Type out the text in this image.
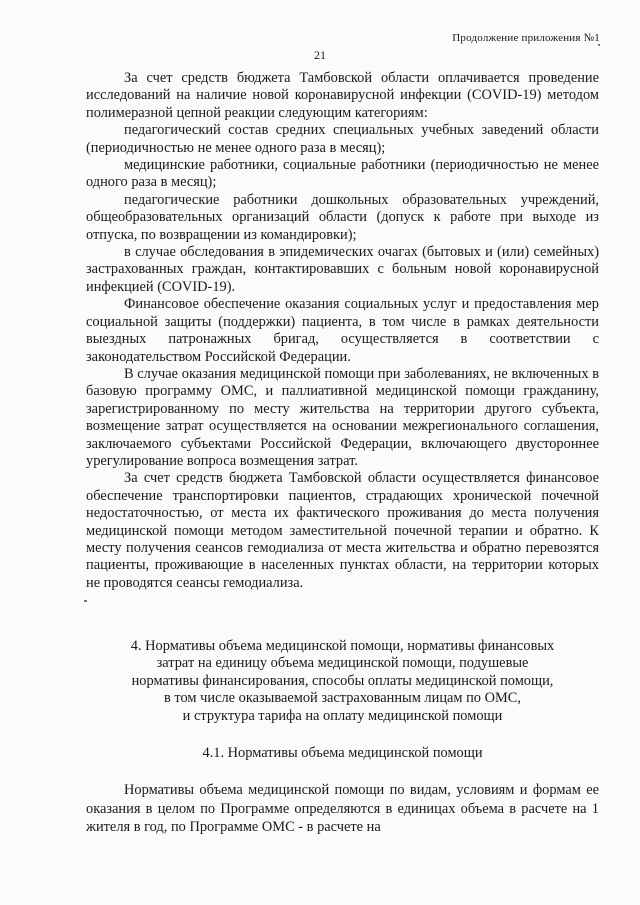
Продолжение приложения №1
21

За счет средств бюджета Тамбовской области оплачивается проведение исследований на наличие новой коронавирусной инфекции (COVID-19) методом полимеразной цепной реакции следующим категориям:

педагогический состав средних специальных учебных заведений области (периодичностью не менее одного раза в месяц);

медицинские работники, социальные работники (периодичностью не менее одного раза в месяц);

педагогические работники дошкольных образовательных учреждений, общеобразовательных организаций области (допуск к работе при выходе из отпуска, по возвращении из командировки);

в случае обследования в эпидемических очагах (бытовых и (или) семейных) застрахованных граждан, контактировавших с больным новой коронавирусной инфекцией (COVID-19).

Финансовое обеспечение оказания социальных услуг и предоставления мер социальной защиты (поддержки) пациента, в том числе в рамках деятельности выездных патронажных бригад, осуществляется в соответствии с законодательством Российской Федерации.

В случае оказания медицинской помощи при заболеваниях, не включенных в базовую программу ОМС, и паллиативной медицинской помощи гражданину, зарегистрированному по месту жительства на территории другого субъекта, возмещение затрат осуществляется на основании межрегионального соглашения, заключаемого субъектами Российской Федерации, включающего двустороннее урегулирование вопроса возмещения затрат.

За счет средств бюджета Тамбовской области осуществляется финансовое обеспечение транспортировки пациентов, страдающих хронической почечной недостаточностью, от места их фактического проживания до места получения медицинской помощи методом заместительной почечной терапии и обратно. К месту получения сеансов гемодиализа от места жительства и обратно перевозятся пациенты, проживающие в населенных пунктах области, на территории которых не проводятся сеансы гемодиализа.

4. Нормативы объема медицинской помощи, нормативы финансовых
затрат на единицу объема медицинской помощи, подушевые
нормативы финансирования, способы оплаты медицинской помощи,
в том числе оказываемой застрахованным лицам по ОМС,
и структура тарифа на оплату медицинской помощи
4.1. Нормативы объема медицинской помощи

Нормативы объема медицинской помощи по видам, условиям и формам ее оказания в целом по Программе определяются в единицах объема в расчете на 1 жителя в год, по Программе ОМС - в расчете на
